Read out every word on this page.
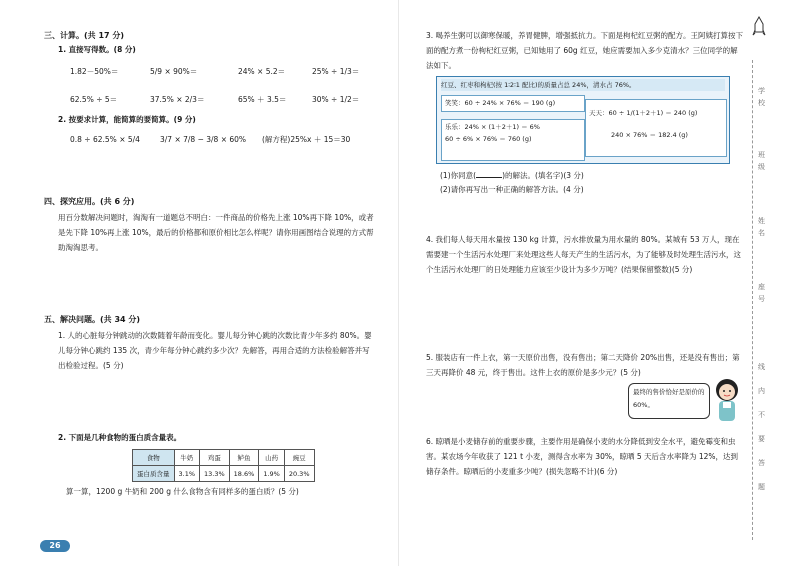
三、计算。(共 17 分)
1. 直接写得数。(8 分)
1.82－50%＝	5/9 × 90%＝	24% × 5.2＝	25% ÷ 1/3＝
62.5% ÷ 5＝	37.5% × 2/3＝	65% ＋ 3.5＝	30% ÷ 1/2＝
2. 按要求计算，能简算的要简算。(9 分)
0.8 ÷ 62.5% × 5/4	3/7 × 7/8 − 3/8 × 60% (解方程)25%x ＋ 15＝30
四、探究应用。(共 6 分)
用百分数解决问题时，淘淘有一道题总不明白：一件商品的价格先上涨 10%再下降 10%，或者是先下降 10%再上涨 10%，最后的价格都和原价相比怎么样呢？请你用画图结合说理的方式帮助淘淘思考。
五、解决问题。(共 34 分)
1. 人的心脏每分钟跳动的次数随着年龄而变化。婴儿每分钟心跳的次数比青少年多约 80%。婴儿每分钟心跳约 135 次，青少年每分钟心跳约多少次？先解答，再用合适的方法检验解答并写出检验过程。(5 分)
2. 下面是几种食物的蛋白质含量表。
食物	牛奶	鸡蛋	鲈鱼	山药	豌豆
蛋白质含量	3.1%	13.3%	18.6%	1.9%	20.3%
算一算，1200 g 牛奶和 200 g 什么食物含有同样多的蛋白质？(5 分)
26
3. 喝养生粥可以御寒保暖，养胃健脾，增强抵抗力。下面是枸杞红豆粥的配方。王阿姨打算按下面的配方煮一份枸杞红豆粥，已知她用了 60g 红豆，她应需要加入多少克清水？三位同学的解法如下。
红豆、红枣和枸杞(按 1∶2∶1 配比)的质量占总 24%，清水占 76%。
笑笑：60 ÷ 24% × 76% ＝ 190 (g)
乐乐：24% × (1＋2＋1) ＝ 6%
60 ÷ 6% × 76% ＝ 760 (g)
天天：60 ÷ 1/(1＋2＋1) ＝ 240 (g)
240 × 76% ＝ 182.4 (g)
(1)你同意(	)的解法。(填名字)(3 分)
(2)请你再写出一种正确的解答方法。(4 分)
4. 我们每人每天用水量按 130 kg 计算，污水排放量为用水量的 80%。某城有 53 万人，现在需要建一个生活污水处理厂来处理这些人每天产生的生活污水，为了能够及时处理生活污水，这个生活污水处理厂的日处理能力应该至少设计为多少万吨？(结果保留整数)(5 分)
5. 服装店有一件上衣，第一天原价出售，没有售出；第二天降价 20%出售，还是没有售出；第三天再降价 48 元，终于售出。这件上衣的原价是多少元？(5 分)
最终的售价恰好是原价的 60%。
6. 晾晒是小麦储存前的重要步骤，主要作用是确保小麦的水分降低到安全水平，避免霉变和虫害。某农场今年收获了 121 t 小麦，测得含水率为 30%，晾晒 5 天后含水率降为 12%，达到储存条件。晾晒后的小麦重多少吨？(损失忽略不计)(6 分)
学
校
班
级
姓
名
座
号
线
内
不
要
答
题
